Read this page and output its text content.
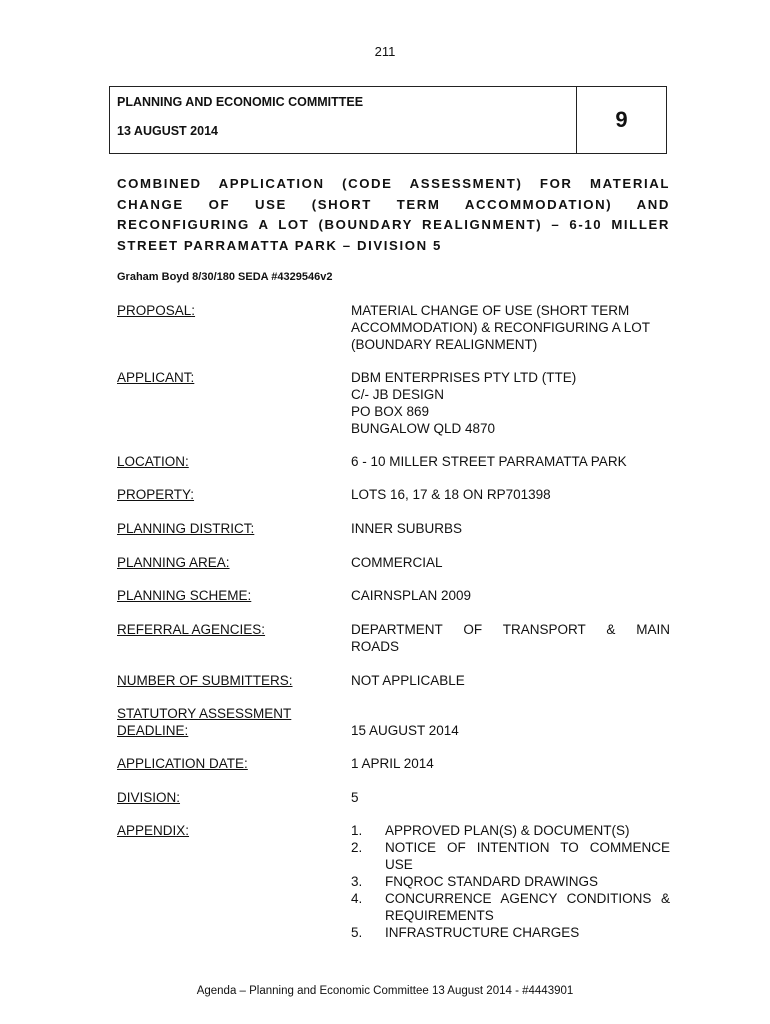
211
PLANNING AND ECONOMIC COMMITTEE
13 AUGUST 2014	9
COMBINED APPLICATION (CODE ASSESSMENT) FOR MATERIAL
CHANGE OF USE (SHORT TERM ACCOMMODATION) AND
RECONFIGURING A LOT (BOUNDARY REALIGNMENT) – 6-10 MILLER
STREET PARRAMATTA PARK – DIVISION 5
Graham Boyd 8/30/180 SEDA #4329546v2
PROPOSAL:	MATERIAL CHANGE OF USE (SHORT TERM
ACCOMMODATION) & RECONFIGURING A LOT
(BOUNDARY REALIGNMENT)
APPLICANT:	DBM ENTERPRISES PTY LTD (TTE)
C/- JB DESIGN
PO BOX 869
BUNGALOW QLD 4870
LOCATION:	6 - 10 MILLER STREET PARRAMATTA PARK
PROPERTY:	LOTS 16, 17 & 18 ON RP701398
PLANNING DISTRICT:	INNER SUBURBS
PLANNING AREA:	COMMERCIAL
PLANNING SCHEME:	CAIRNSPLAN 2009
REFERRAL AGENCIES:	DEPARTMENT OF TRANSPORT & MAIN
ROADS
NUMBER OF SUBMITTERS:	NOT APPLICABLE
STATUTORY ASSESSMENT
DEADLINE:	15 AUGUST 2014
APPLICATION DATE:	1 APRIL 2014
DIVISION:	5
APPENDIX:	1. APPROVED PLAN(S) & DOCUMENT(S)
2. NOTICE OF INTENTION TO COMMENCE
USE
3. FNQROC STANDARD DRAWINGS
4. CONCURRENCE AGENCY CONDITIONS &
REQUIREMENTS
5. INFRASTRUCTURE CHARGES
Agenda – Planning and Economic Committee 13 August 2014 - #4443901
